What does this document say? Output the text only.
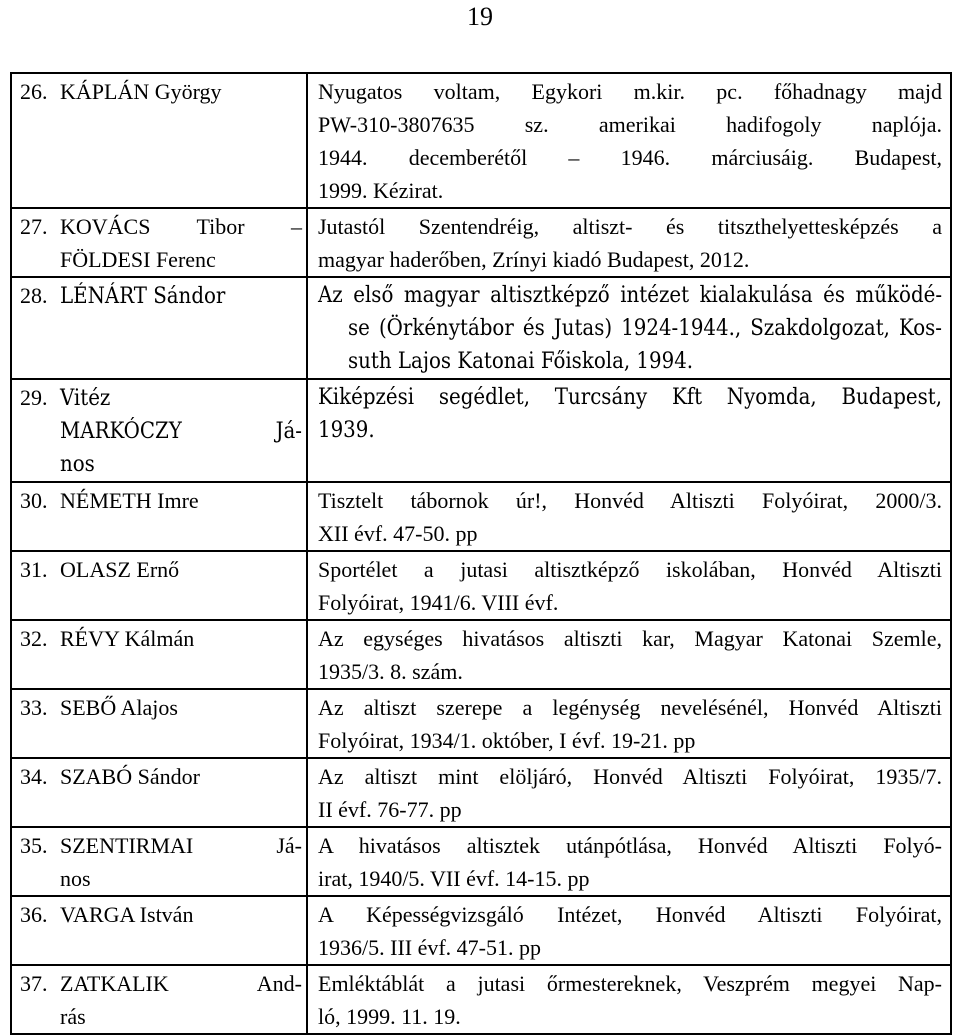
19
26. KÁPLÁN György	Nyugatos voltam, Egykori m.kir. pc. főhadnagy majd
PW-310-3807635 sz. amerikai hadifogoly naplója.
1944. decemberétől – 1946. márciusáig. Budapest,
1999. Kézirat.

27. KOVÁCS Tibor –
FÖLDESI Ferenc	Jutastól Szentendréig, altiszt- és titszthelyettesképzés a
magyar haderőben, Zrínyi kiadó Budapest, 2012.

28. LÉNÁRT Sándor	Az első magyar altisztképző intézet kialakulása és működé-
se (Örkénytábor és Jutas) 1924-1944., Szakdolgozat, Kos-
suth Lajos Katonai Főiskola, 1994.

29. Vitéz
MARKÓCZY Já-
nos	Kiképzési segédlet, Turcsány Kft Nyomda, Budapest,
1939.

30. NÉMETH Imre	Tisztelt tábornok úr!, Honvéd Altiszti Folyóirat, 2000/3.
XII évf. 47-50. pp

31. OLASZ Ernő	Sportélet a jutasi altisztképző iskolában, Honvéd Altiszti
Folyóirat, 1941/6. VIII évf.

32. RÉVY Kálmán	Az egységes hivatásos altiszti kar, Magyar Katonai Szemle,
1935/3. 8. szám.

33. SEBŐ Alajos	Az altiszt szerepe a legénység nevelésénél, Honvéd Altiszti
Folyóirat, 1934/1. október, I évf. 19-21. pp

34. SZABÓ Sándor	Az altiszt mint elöljáró, Honvéd Altiszti Folyóirat, 1935/7.
II évf. 76-77. pp

35. SZENTIRMAI Já-
nos	A hivatásos altisztek utánpótlása, Honvéd Altiszti Folyó-
irat, 1940/5. VII évf. 14-15. pp

36. VARGA István	A Képességvizsgáló Intézet, Honvéd Altiszti Folyóirat,
1936/5. III évf. 47-51. pp

37. ZATKALIK And-
rás	Emléktáblát a jutasi őrmestereknek, Veszprém megyei Nap-
ló, 1999. 11. 19.
